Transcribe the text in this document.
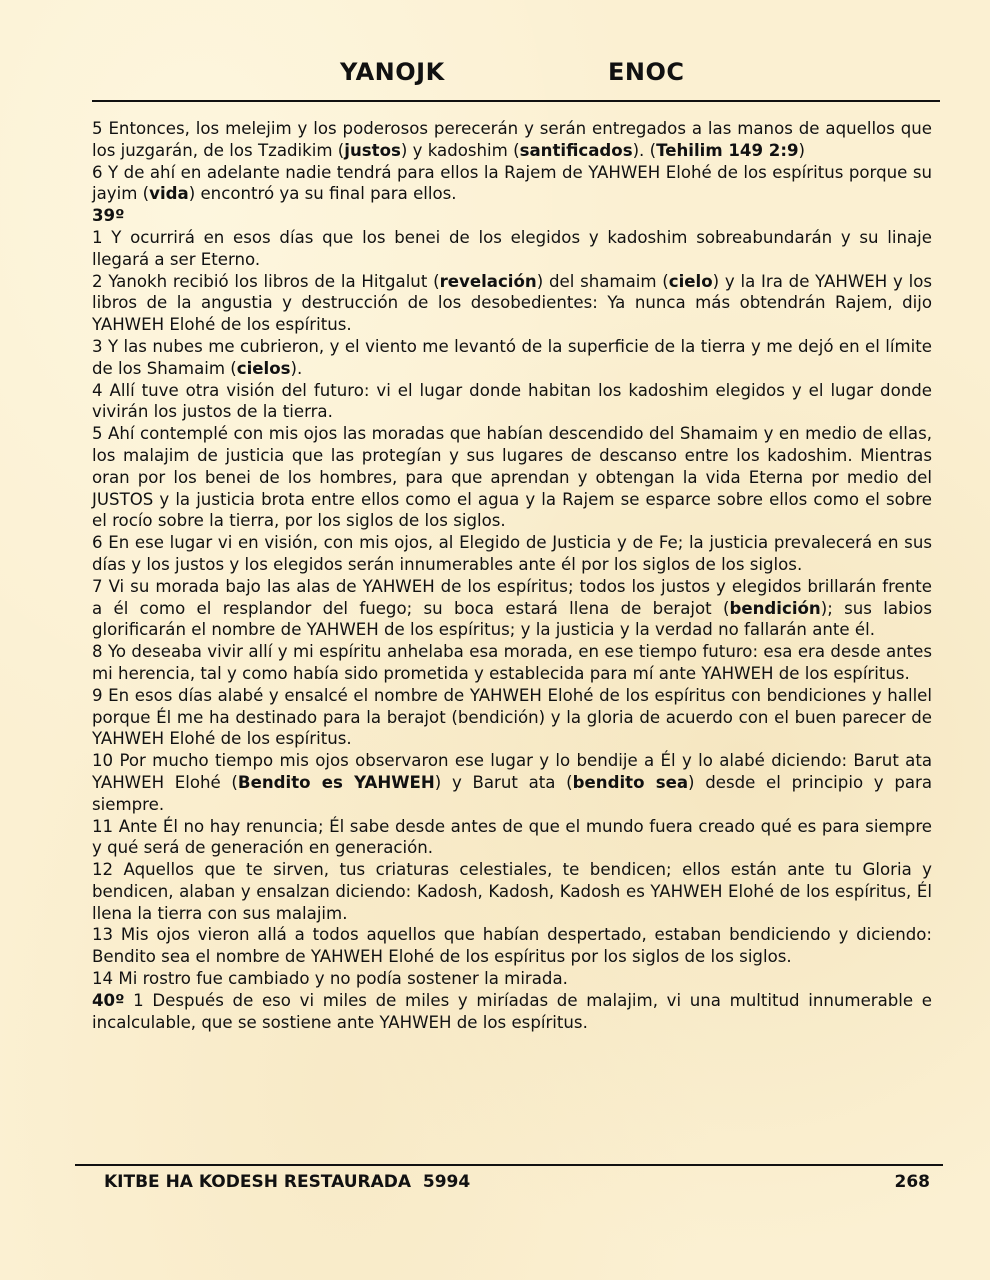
YANOJK	ENOC

5 Entonces, los melejim y los poderosos perecerán y serán entregados a las manos de aquellos que los juzgarán, de los Tzadikim (justos) y kadoshim (santificados). (Tehilim 149 2:9)

6 Y de ahí en adelante nadie tendrá para ellos la Rajem de YAHWEH Elohé de los espíritus porque su jayim (vida) encontró ya su final para ellos.

39º

1 Y ocurrirá en esos días que los benei de los elegidos y kadoshim sobreabundarán y su linaje llegará a ser Eterno.

2 Yanokh recibió los libros de la Hitgalut (revelación) del shamaim (cielo) y la Ira de YAHWEH y los libros de la angustia y destrucción de los desobedientes: Ya nunca más obtendrán Rajem, dijo YAHWEH Elohé de los espíritus.

3 Y las nubes me cubrieron, y el viento me levantó de la superficie de la tierra y me dejó en el límite de los Shamaim (cielos).

4 Allí tuve otra visión del futuro: vi el lugar donde habitan los kadoshim elegidos y el lugar donde vivirán los justos de la tierra.

5 Ahí contemplé con mis ojos las moradas que habían descendido del Shamaim y en medio de ellas, los malajim de justicia que las protegían y sus lugares de descanso entre los kadoshim. Mientras oran por los benei de los hombres, para que aprendan y obtengan la vida Eterna por medio del JUSTOS y la justicia brota entre ellos como el agua y la Rajem se esparce sobre ellos como el sobre el rocío sobre la tierra, por los siglos de los siglos.

6 En ese lugar vi en visión, con mis ojos, al Elegido de Justicia y de Fe; la justicia prevalecerá en sus días y los justos y los elegidos serán innumerables ante él por los siglos de los siglos.

7 Vi su morada bajo las alas de YAHWEH de los espíritus; todos los justos y elegidos brillarán frente a él como el resplandor del fuego; su boca estará llena de berajot (bendición); sus labios glorificarán el nombre de YAHWEH de los espíritus; y la justicia y la verdad no fallarán ante él.

8 Yo deseaba vivir allí y mi espíritu anhelaba esa morada, en ese tiempo futuro: esa era desde antes mi herencia, tal y como había sido prometida y establecida para mí ante YAHWEH de los espíritus.

9 En esos días alabé y ensalcé el nombre de YAHWEH Elohé de los espíritus con bendiciones y hallel porque Él me ha destinado para la berajot (bendición) y la gloria de acuerdo con el buen parecer de YAHWEH Elohé de los espíritus.

10 Por mucho tiempo mis ojos observaron ese lugar y lo bendije a Él y lo alabé diciendo: Barut ata YAHWEH Elohé (Bendito es YAHWEH) y Barut ata (bendito sea) desde el principio y para siempre.

11 Ante Él no hay renuncia; Él sabe desde antes de que el mundo fuera creado qué es para siempre y qué será de generación en generación.

12 Aquellos que te sirven, tus criaturas celestiales, te bendicen; ellos están ante tu Gloria y bendicen, alaban y ensalzan diciendo: Kadosh, Kadosh, Kadosh es YAHWEH Elohé de los espíritus, Él llena la tierra con sus malajim.

13 Mis ojos vieron allá a todos aquellos que habían despertado, estaban bendiciendo y diciendo: Bendito sea el nombre de YAHWEH Elohé de los espíritus por los siglos de los siglos.

14 Mi rostro fue cambiado y no podía sostener la mirada.

40º 1 Después de eso vi miles de miles y miríadas de malajim, vi una multitud innumerable e incalculable, que se sostiene ante YAHWEH de los espíritus.

KITBE HA KODESH RESTAURADA  5994	268
